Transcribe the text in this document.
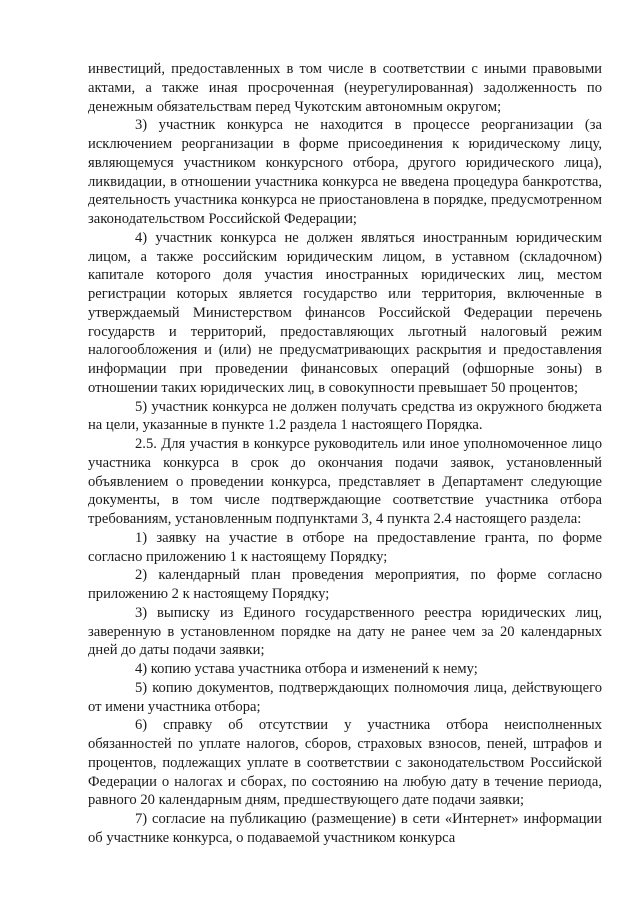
инвестиций, предоставленных в том числе в соответствии с иными правовыми актами, а также иная просроченная (неурегулированная) задолженность по денежным обязательствам перед Чукотским автономным округом;

3) участник конкурса не находится в процессе реорганизации (за исключением реорганизации в форме присоединения к юридическому лицу, являющемуся участником конкурсного отбора, другого юридического лица), ликвидации, в отношении участника конкурса не введена процедура банкротства, деятельность участника конкурса не приостановлена в порядке, предусмотренном законодательством Российской Федерации;

4) участник конкурса не должен являться иностранным юридическим лицом, а также российским юридическим лицом, в уставном (складочном) капитале которого доля участия иностранных юридических лиц, местом регистрации которых является государство или территория, включенные в утверждаемый Министерством финансов Российской Федерации перечень государств и территорий, предоставляющих льготный налоговый режим налогообложения и (или) не предусматривающих раскрытия и предоставления информации при проведении финансовых операций (офшорные зоны) в отношении таких юридических лиц, в совокупности превышает 50 процентов;

5) участник конкурса не должен получать средства из окружного бюджета на цели, указанные в пункте 1.2 раздела 1 настоящего Порядка.

2.5. Для участия в конкурсе руководитель или иное уполномоченное лицо участника конкурса в срок до окончания подачи заявок, установленный объявлением о проведении конкурса, представляет в Департамент следующие документы, в том числе подтверждающие соответствие участника отбора требованиям, установленным подпунктами 3, 4 пункта 2.4 настоящего раздела:

1) заявку на участие в отборе на предоставление гранта, по форме согласно приложению 1 к настоящему Порядку;

2) календарный план проведения мероприятия, по форме согласно приложению 2 к настоящему Порядку;

3) выписку из Единого государственного реестра юридических лиц, заверенную в установленном порядке на дату не ранее чем за 20 календарных дней до даты подачи заявки;

4) копию устава участника отбора и изменений к нему;

5) копию документов, подтверждающих полномочия лица, действующего от имени участника отбора;

6) справку об отсутствии у участника отбора неисполненных обязанностей по уплате налогов, сборов, страховых взносов, пеней, штрафов и процентов, подлежащих уплате в соответствии с законодательством Российской Федерации о налогах и сборах, по состоянию на любую дату в течение периода, равного 20 календарным дням, предшествующего дате подачи заявки;

7) согласие на публикацию (размещение) в сети «Интернет» информации об участнике конкурса, о подаваемой участником конкурса
